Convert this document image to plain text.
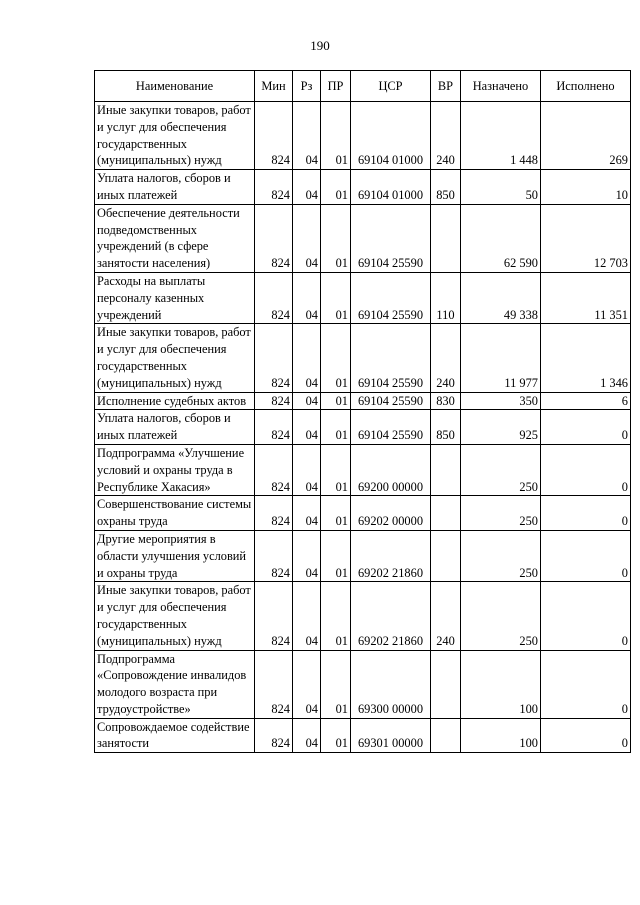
190
Наименование	Мин	Рз	ПР	ЦСР	ВР	Назначено	Исполнено
Иные закупки товаров, работ и услуг для обеспечения государственных (муниципальных) нужд	824	04	01	69104 01000	240	1 448	269
Уплата налогов, сборов и иных платежей	824	04	01	69104 01000	850	50	10
Обеспечение деятельности подведомственных учреждений (в сфере занятости населения)	824	04	01	69104 25590		62 590	12 703
Расходы на выплаты персоналу казенных учреждений	824	04	01	69104 25590	110	49 338	11 351
Иные закупки товаров, работ и услуг для обеспечения государственных (муниципальных) нужд	824	04	01	69104 25590	240	11 977	1 346
Исполнение судебных актов	824	04	01	69104 25590	830	350	6
Уплата налогов, сборов и иных платежей	824	04	01	69104 25590	850	925	0
Подпрограмма «Улучшение условий и охраны труда в Республике Хакасия»	824	04	01	69200 00000		250	0
Совершенствование системы охраны труда	824	04	01	69202 00000		250	0
Другие мероприятия в области улучшения условий и охраны труда	824	04	01	69202 21860		250	0
Иные закупки товаров, работ и услуг для обеспечения государственных (муниципальных) нужд	824	04	01	69202 21860	240	250	0
Подпрограмма «Сопровождение инвалидов молодого возраста при трудоустройстве»	824	04	01	69300 00000		100	0
Сопровождаемое содействие занятости	824	04	01	69301 00000		100	0
